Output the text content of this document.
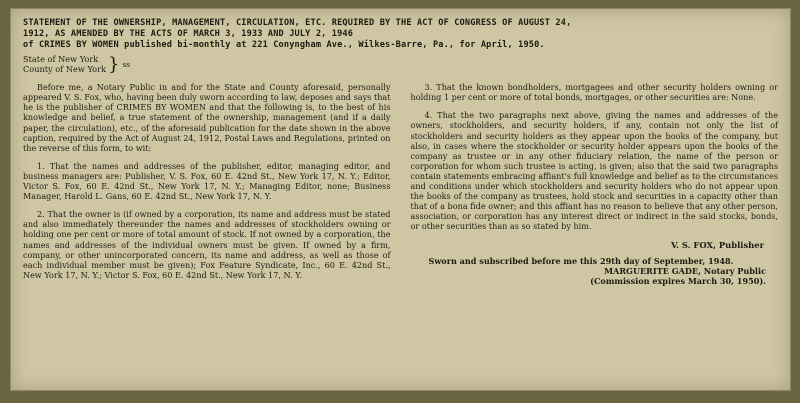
STATEMENT OF THE OWNERSHIP, MANAGEMENT, CIRCULATION, ETC. REQUIRED BY THE ACT OF CONGRESS OF AUGUST 24,
1912, AS AMENDED BY THE ACTS OF MARCH 3, 1933 AND JULY 2, 1946
of CRIMES BY WOMEN published bi-monthly at 221 Conyngham Ave., Wilkes-Barre, Pa., for April, 1950.
State of New York
County of New York } ss

Before me, a Notary Public in and for the State and County aforesaid, personally appeared V. S. Fox, who, having been duly sworn according to law, deposes and says that he is the publisher of CRIMES BY WOMEN and that the following is, to the best of his knowledge and belief, a true statement of the ownership, management (and if a daily paper, the circulation), etc., of the aforesaid publication for the date shown in the above caption, required by the Act of August 24, 1912, Postal Laws and Regulations, printed on the reverse of this form, to wit:

1. That the names and addresses of the publisher, editor, managing editor, and business managers are: Publisher, V. S. Fox, 60 E. 42nd St., New York 17, N. Y.; Editor, Victor S. Fox, 60 E. 42nd St., New York 17, N. Y.; Managing Editor, none; Business Manager, Harold L. Gans, 60 E. 42nd St., New York 17, N. Y.

2. That the owner is (if owned by a corporation, its name and address must be stated and also immediately thereunder the names and addresses of stockholders owning or holding one per cent or more of total amount of stock. If not owned by a corporation, the names and addresses of the individual owners must be given. If owned by a firm, company, or other unincorporated concern, its name and address, as well as those of each individual member must be given); Fox Feature Syndicate, Inc., 60 E. 42nd St., New York 17, N. Y.; Victor S. Fox, 60 E. 42nd St., New York 17, N. Y.

3. That the known bondholders, mortgagees and other security holders owning or holding 1 per cent or more of total bonds, mortgages, or other securities are: None.

4. That the two paragraphs next above, giving the names and addresses of the owners, stockholders, and security holders, if any, contain not only the list of stockholders and security holders as they appear upon the books of the company, but also, in cases where the stockholder or security holder appears upon the books of the company as trustee or in any other fiduciary relation, the name of the person or corporation for whom such trustee is acting, is given; also that the said two paragraphs contain statements embracing affiant's full knowledge and belief as to the circumstances and conditions under which stockholders and security holders who do not appear upon the books of the company as trustees, hold stock and securities in a capacity other than that of a bona fide owner; and this affiant has no reason to believe that any other person, association, or corporation has any interest direct or indirect in the said stocks, bonds, or other securities than as so stated by him.

V. S. FOX, Publisher
Sworn and subscribed before me this 29th day of September, 1948.
MARGUERITE GADE, Notary Public
(Commission expires March 30, 1950).
